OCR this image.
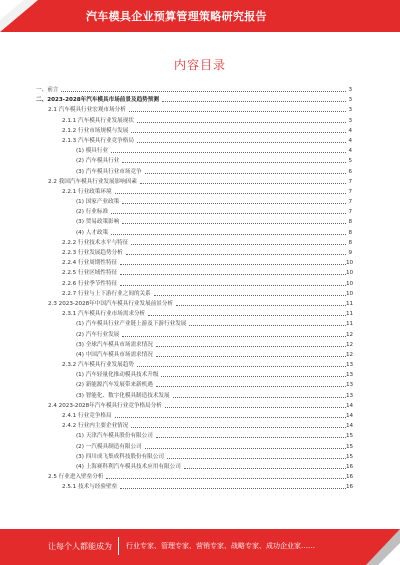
汽车模具企业预算管理策略研究报告
内容目录
一、前言	3
二、2023-2028年汽车模具市场前景及趋势预测	3
2.1 汽车模具行业宏观市场分析	3
2.1.1 汽车模具行业发展现状	3
2.1.2 行业市场规模与发展	4
2.1.3 汽车模具行业竞争格局	4
(1) 模具行业	4
(2) 汽车模具行业	5
(3) 汽车模具行业市场竞争	6
2.2 我国汽车模具行业发展影响因素	7
2.2.1 行业政策环境	7
(1) 国家产业政策	7
(2) 行业标准	7
(3) 贸易政策影响	8
(4) 人才政策	8
2.2.2 行业技术水平与特征	8
2.2.3 行业发展趋势分析	9
2.2.4 行业周期性特征	10
2.2.5 行业区域性特征	10
2.2.6 行业季节性特征	10
2.2.7 行业与上下游行业之间的关系	10
2.3 2023-2028年中国汽车模具行业发展前景分析	11
2.3.1 汽车模具行业市场需求分析	11
(1) 汽车模具行业产业链上游及下游行业发展	11
(2) 汽车行业发展	12
(3) 全球汽车模具市场需求情况	12
(4) 中国汽车模具市场需求情况	12
2.3.2 汽车模具行业发展趋势	13
(1) 汽车轻量化推动模具技术升级	13
(2) 新能源汽车发展带来新机遇	13
(3) 智能化、数字化模具制造技术发展	13
2.4 2023-2028年汽车模具行业竞争格局分析	14
2.4.1 行业竞争格局	14
2.4.2 行业内主要企业情况	14
(1) 天津汽车模具股份有限公司	15
(2) 一汽模具制造有限公司	15
(3) 四川成飞集成科技股份有限公司	15
(4) 上海赛科利汽车模具技术应用有限公司	16
2.5 行业进入壁垒分析	16
2.5.1 技术与经验壁垒	16
让每个人都能成为 行业专家、管理专家、营销专家、战略专家、成功企业家……
